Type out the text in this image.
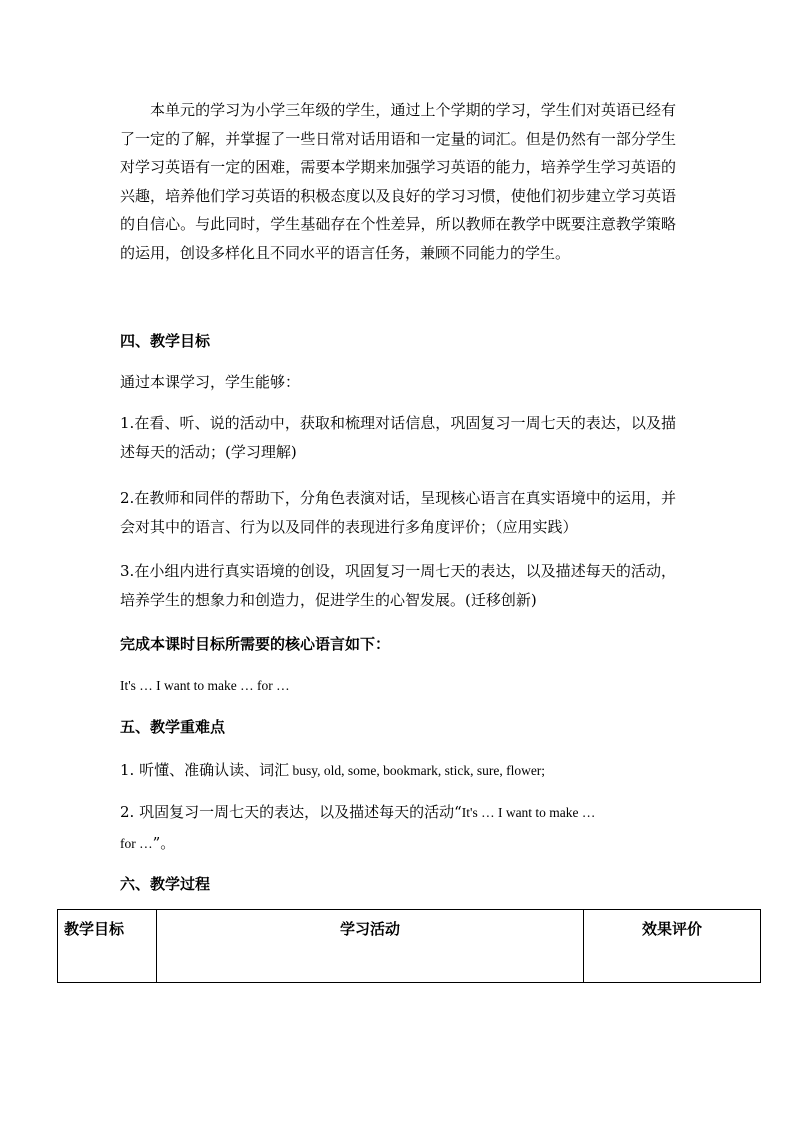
本单元的学习为小学三年级的学生，通过上个学期的学习，学生们对英语已经有了一定的了解，并掌握了一些日常对话用语和一定量的词汇。但是仍然有一部分学生对学习英语有一定的困难，需要本学期来加强学习英语的能力，培养学生学习英语的兴趣，培养他们学习英语的积极态度以及良好的学习习惯，使他们初步建立学习英语的自信心。与此同时，学生基础存在个性差异，所以教师在教学中既要注意教学策略的运用，创设多样化且不同水平的语言任务，兼顾不同能力的学生。

四、教学目标

通过本课学习，学生能够：

1.在看、听、说的活动中，获取和梳理对话信息，巩固复习一周七天的表达，以及描述每天的活动；(学习理解)

2.在教师和同伴的帮助下，分角色表演对话，呈现核心语言在真实语境中的运用，并会对其中的语言、行为以及同伴的表现进行多角度评价；（应用实践）

3.在小组内进行真实语境的创设，巩固复习一周七天的表达，以及描述每天的活动，培养学生的想象力和创造力，促进学生的心智发展。(迁移创新)

完成本课时目标所需要的核心语言如下：

It's … I want to make … for …

五、教学重难点

1. 听懂、准确认读、词汇 busy, old, some, bookmark, stick, sure, flower;

2. 巩固复习一周七天的表达，以及描述每天的活动“It's … I want to make …

for …”。

六、教学过程
教学目标	学习活动	效果评价
